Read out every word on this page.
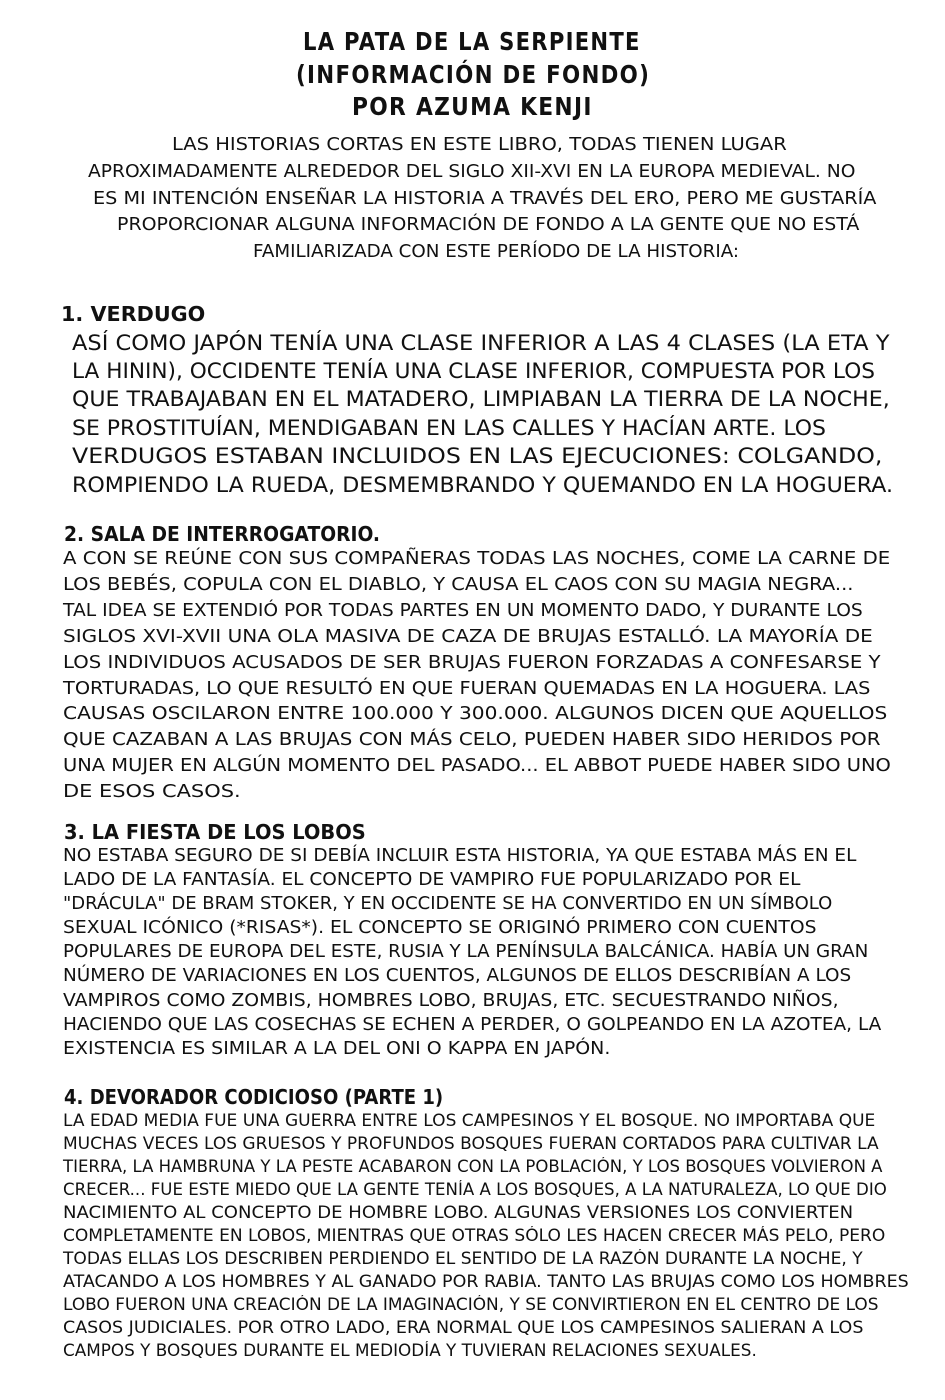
LA PATA DE LA SERPIENTE
(INFORMACIÓN DE FONDO)
POR AZUMA KENJI
LAS HISTORIAS CORTAS EN ESTE LIBRO, TODAS TIENEN LUGAR
APROXIMADAMENTE ALREDEDOR DEL SIGLO XII-XVI EN LA EUROPA MEDIEVAL. NO
ES MI INTENCIÓN ENSEÑAR LA HISTORIA A TRAVÉS DEL ERO, PERO ME GUSTARÍA
PROPORCIONAR ALGUNA INFORMACIÓN DE FONDO A LA GENTE QUE NO ESTÁ
FAMILIARIZADA CON ESTE PERÍODO DE LA HISTORIA:
1. VERDUGO
ASÍ COMO JAPÓN TENÍA UNA CLASE INFERIOR A LAS 4 CLASES (LA ETA Y
LA HININ), OCCIDENTE TENÍA UNA CLASE INFERIOR, COMPUESTA POR LOS
QUE TRABAJABAN EN EL MATADERO, LIMPIABAN LA TIERRA DE LA NOCHE,
SE PROSTITUÍAN, MENDIGABAN EN LAS CALLES Y HACÍAN ARTE. LOS
VERDUGOS ESTABAN INCLUIDOS EN LAS EJECUCIONES: COLGANDO,
ROMPIENDO LA RUEDA, DESMEMBRANDO Y QUEMANDO EN LA HOGUERA.
2. SALA DE INTERROGATORIO.
A CON SE REÚNE CON SUS COMPAÑERAS TODAS LAS NOCHES, COME LA CARNE DE
LOS BEBÉS, COPULA CON EL DIABLO, Y CAUSA EL CAOS CON SU MAGIA NEGRA...
TAL IDEA SE EXTENDIÓ POR TODAS PARTES EN UN MOMENTO DADO, Y DURANTE LOS
SIGLOS XVI-XVII UNA OLA MASIVA DE CAZA DE BRUJAS ESTALLÓ. LA MAYORÍA DE
LOS INDIVIDUOS ACUSADOS DE SER BRUJAS FUERON FORZADAS A CONFESARSE Y
TORTURADAS, LO QUE RESULTÓ EN QUE FUERAN QUEMADAS EN LA HOGUERA. LAS
CAUSAS OSCILARON ENTRE 100.000 Y 300.000. ALGUNOS DICEN QUE AQUELLOS
QUE CAZABAN A LAS BRUJAS CON MÁS CELO, PUEDEN HABER SIDO HERIDOS POR
UNA MUJER EN ALGÚN MOMENTO DEL PASADO... EL ABBOT PUEDE HABER SIDO UNO
DE ESOS CASOS.
3. LA FIESTA DE LOS LOBOS
NO ESTABA SEGURO DE SI DEBÍA INCLUIR ESTA HISTORIA, YA QUE ESTABA MÁS EN EL
LADO DE LA FANTASÍA. EL CONCEPTO DE VAMPIRO FUE POPULARIZADO POR EL
"DRÁCULA" DE BRAM STOKER, Y EN OCCIDENTE SE HA CONVERTIDO EN UN SÍMBOLO
SEXUAL ICÓNICO (*RISAS*). EL CONCEPTO SE ORIGINÓ PRIMERO CON CUENTOS
POPULARES DE EUROPA DEL ESTE, RUSIA Y LA PENÍNSULA BALCÁNICA. HABÍA UN GRAN
NÚMERO DE VARIACIONES EN LOS CUENTOS, ALGUNOS DE ELLOS DESCRIBÍAN A LOS
VAMPIROS COMO ZOMBIS, HOMBRES LOBO, BRUJAS, ETC. SECUESTRANDO NIÑOS,
HACIENDO QUE LAS COSECHAS SE ECHEN A PERDER, O GOLPEANDO EN LA AZOTEA, LA
EXISTENCIA ES SIMILAR A LA DEL ONI O KAPPA EN JAPÓN.
4. DEVORADOR CODICIOSO (PARTE 1)
LA EDAD MEDIA FUE UNA GUERRA ENTRE LOS CAMPESINOS Y EL BOSQUE. NO IMPORTABA QUE
MUCHAS VECES LOS GRUESOS Y PROFUNDOS BOSQUES FUERAN CORTADOS PARA CULTIVAR LA
TIERRA, LA HAMBRUNA Y LA PESTE ACABARON CON LA POBLACIÓN, Y LOS BOSQUES VOLVIERON A
CRECER... FUE ESTE MIEDO QUE LA GENTE TENÍA A LOS BOSQUES, A LA NATURALEZA, LO QUE DIO
NACIMIENTO AL CONCEPTO DE HOMBRE LOBO. ALGUNAS VERSIONES LOS CONVIERTEN
COMPLETAMENTE EN LOBOS, MIENTRAS QUE OTRAS SÓLO LES HACEN CRECER MÁS PELO, PERO
TODAS ELLAS LOS DESCRIBEN PERDIENDO EL SENTIDO DE LA RAZÓN DURANTE LA NOCHE, Y
ATACANDO A LOS HOMBRES Y AL GANADO POR RABIA. TANTO LAS BRUJAS COMO LOS HOMBRES
LOBO FUERON UNA CREACIÓN DE LA IMAGINACIÓN, Y SE CONVIRTIERON EN EL CENTRO DE LOS
CASOS JUDICIALES. POR OTRO LADO, ERA NORMAL QUE LOS CAMPESINOS SALIERAN A LOS
CAMPOS Y BOSQUES DURANTE EL MEDIODÍA Y TUVIERAN RELACIONES SEXUALES.
